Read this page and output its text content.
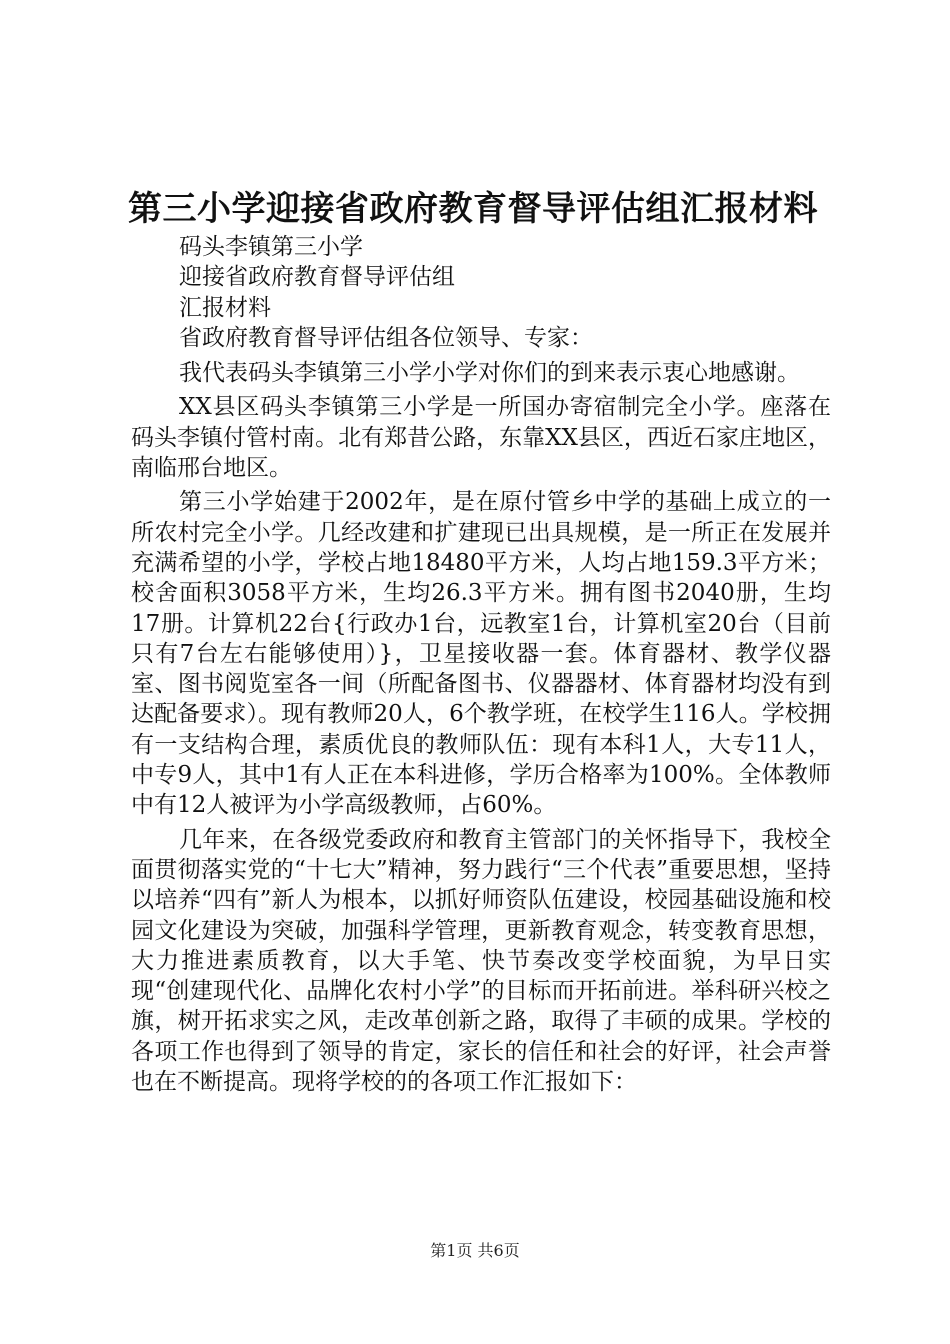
第三小学迎接省政府教育督导评估组汇报材料
码头李镇第三小学
迎接省政府教育督导评估组
汇报材料
省政府教育督导评估组各位领导、专家：

我代表码头李镇第三小学小学对你们的到来表示衷心地感谢。

XX县区码头李镇第三小学是一所国办寄宿制完全小学。座落在码头李镇付管村南。北有郑昔公路，东靠XX县区，西近石家庄地区，南临邢台地区。

第三小学始建于2002年，是在原付管乡中学的基础上成立的一所农村完全小学。几经改建和扩建现已出具规模，是一所正在发展并充满希望的小学，学校占地18480平方米，人均占地159.3平方米；校舍面积3058平方米，生均26.3平方米。拥有图书2040册，生均17册。计算机22台{行政办1台，远教室1台，计算机室20台（目前只有7台左右能够使用）}，卫星接收器一套。体育器材、教学仪器室、图书阅览室各一间（所配备图书、仪器器材、体育器材均没有到达配备要求）。现有教师20人，6个教学班，在校学生116人。学校拥有一支结构合理，素质优良的教师队伍：现有本科1人，大专11人，中专9人，其中1有人正在本科进修，学历合格率为100%。全体教师中有12人被评为小学高级教师，占60%。

几年来，在各级党委政府和教育主管部门的关怀指导下，我校全面贯彻落实党的“十七大”精神，努力践行“三个代表”重要思想，坚持以培养“四有”新人为根本，以抓好师资队伍建设，校园基础设施和校园文化建设为突破，加强科学管理，更新教育观念，转变教育思想，大力推进素质教育，以大手笔、快节奏改变学校面貌，为早日实现“创建现代化、品牌化农村小学”的目标而开拓前进。举科研兴校之旗，树开拓求实之风，走改革创新之路，取得了丰硕的成果。学校的各项工作也得到了领导的肯定，家长的信任和社会的好评，社会声誉也在不断提高。现将学校的的各项工作汇报如下：

第1页 共6页
